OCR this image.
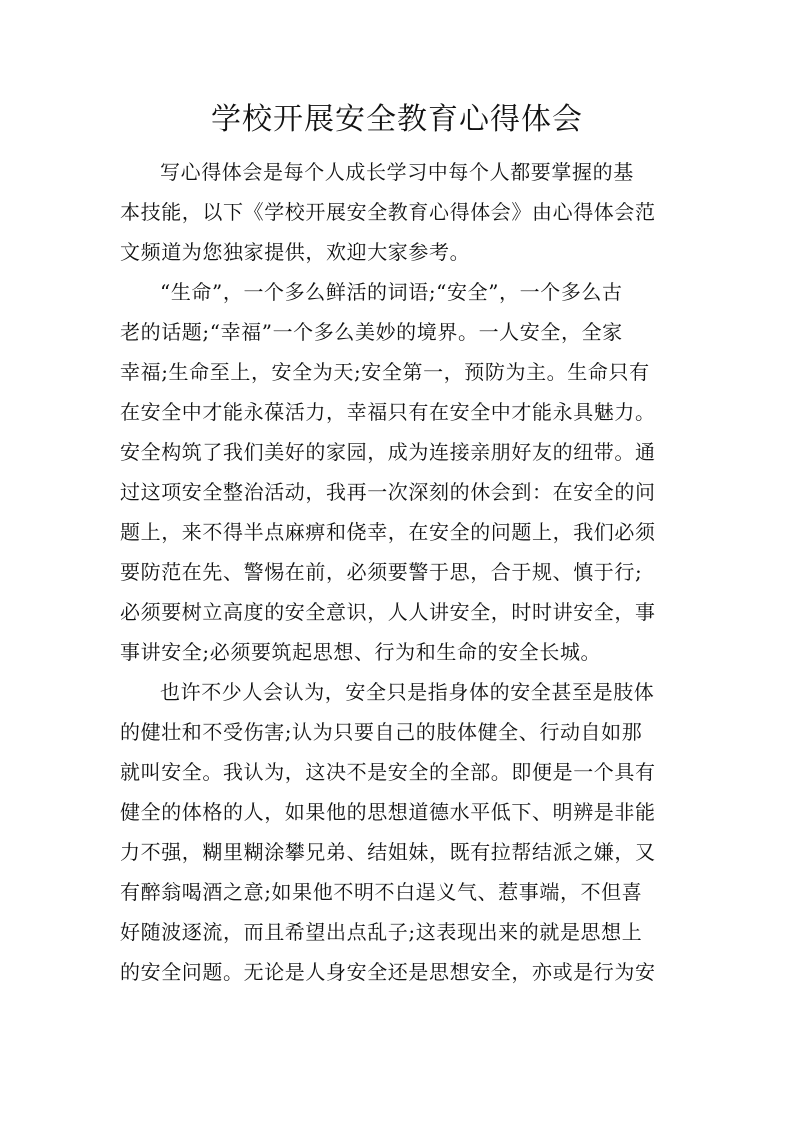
学校开展安全教育心得体会

写心得体会是每个人成长学习中每个人都要掌握的基
本技能，以下《学校开展安全教育心得体会》由心得体会范
文频道为您独家提供，欢迎大家参考。

“生命”，一个多么鲜活的词语;“安全”，一个多么古
老的话题;“幸福”一个多么美妙的境界。一人安全，全家
幸福;生命至上，安全为天;安全第一，预防为主。生命只有
在安全中才能永葆活力，幸福只有在安全中才能永具魅力。
安全构筑了我们美好的家园，成为连接亲朋好友的纽带。通
过这项安全整治活动，我再一次深刻的休会到：在安全的问
题上，来不得半点麻痹和侥幸，在安全的问题上，我们必须
要防范在先、警惕在前，必须要警于思，合于规、慎于行;
必须要树立高度的安全意识，人人讲安全，时时讲安全，事
事讲安全;必须要筑起思想、行为和生命的安全长城。

也许不少人会认为，安全只是指身体的安全甚至是肢体
的健壮和不受伤害;认为只要自己的肢体健全、行动自如那
就叫安全。我认为，这决不是安全的全部。即便是一个具有
健全的体格的人，如果他的思想道德水平低下、明辨是非能
力不强，糊里糊涂攀兄弟、结姐妹，既有拉帮结派之嫌，又
有醉翁喝酒之意;如果他不明不白逞义气、惹事端，不但喜
好随波逐流，而且希望出点乱子;这表现出来的就是思想上
的安全问题。无论是人身安全还是思想安全，亦或是行为安
